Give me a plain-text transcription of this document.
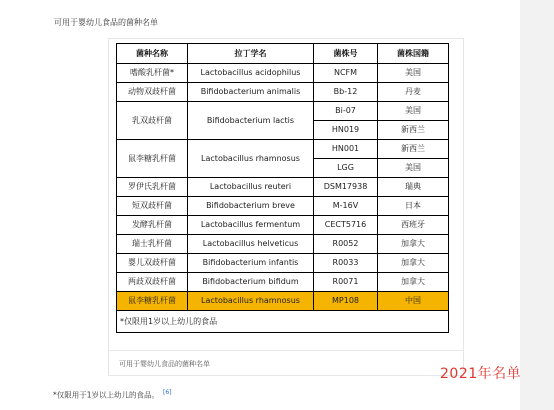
可用于婴幼儿食品的菌种名单
菌种名称	拉丁学名	菌株号	菌株国籍
嗜酸乳杆菌*	Lactobacillus acidophilus	NCFM	美国
动物双歧杆菌	Bifidobacterium animalis	Bb-12	丹麦
乳双歧杆菌	Bifidobacterium lactis	Bi-07	美国
		HN019	新西兰
鼠李糖乳杆菌	Lactobacillus rhamnosus	HN001	新西兰
		LGG	美国
罗伊氏乳杆菌	Lactobacillus reuteri	DSM17938	瑞典
短双歧杆菌	Bifidobacterium breve	M-16V	日本
发酵乳杆菌	Lactobacillus fermentum	CECT5716	西班牙
瑞士乳杆菌	Lactobacillus helveticus	R0052	加拿大
婴儿双歧杆菌	Bifidobacterium infantis	R0033	加拿大
两歧双歧杆菌	Bifidobacterium bifidum	R0071	加拿大
鼠李糖乳杆菌	Lactobacillus rhamnosus	MP108	中国
*仅限用1岁以上幼儿的食品			
可用于婴幼儿食品的菌种名单
2021年名单
*仅限用于1岁以上幼儿的食品。 [6]
